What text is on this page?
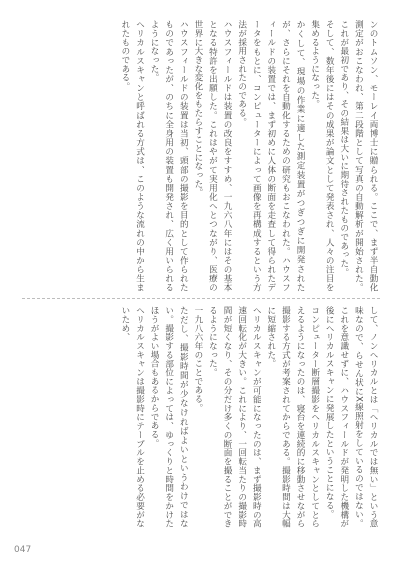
ンのトムソン、モーレイ両博士に贈られる。ここで、まず半自動化測定がおこなわれ、第二段階として写真の自動解析が開始された。これが最初であり、その結果は大いに期待されたものであった。
そして、数年後にはその成果が論文として発表され、人々の注目を集めるようになった。
かくして、現場の作業に適した測定装置がつぎつぎに開発されたが、さらにそれを自動化するための研究もおこなわれた。ハウスフィールドの装置では、まず初めに人体の断面を走査して得られたデータをもとに、コンピューターによって画像を再構成するという方法が採用されたのである。
ハウスフィールドは装置の改良をすすめ、一九六八年にはその基本となる特許を出願した。これはやがて実用化へとつながり、医療の世界に大きな変化をもたらすことになった。
ハウスフィールドの装置は当初、頭部の撮影を目的として作られたものであったが、のちに全身用の装置も開発され、広く用いられるようになった。
へリカルスキャンと呼ばれる方式は、このような流れの中から生まれたものである。
して、ノンへリカルとは「へリカルでは無い」という意味なので、らせん状にX線照射をしているのではない。これを意識せずに、ハウスフィールドが発明した機構が後にへリカルスキャンに発展したということになる。
コンピューター断層撮影をへリカルスキャンとしてとらえるようになったのは、寝台を連続的に移動させながら撮影する方式が考案されてからである。撮影時間は大幅に短縮された。
へリカルスキャンが可能になったのは、まず撮影時の高速回転化が大きい。これにより、一回転当たりの撮影時間が短くなり、その分だけ多くの断面を撮ることができるようになった。
一九八六年のことである。
ただし、撮影時間が少なければよいというわけではない。撮影する部位によっては、ゆっくりと時間をかけたほうがよい場合もあるからである。
へリカルスキャンは撮影時にテーブルを止める必要がないため、
047
